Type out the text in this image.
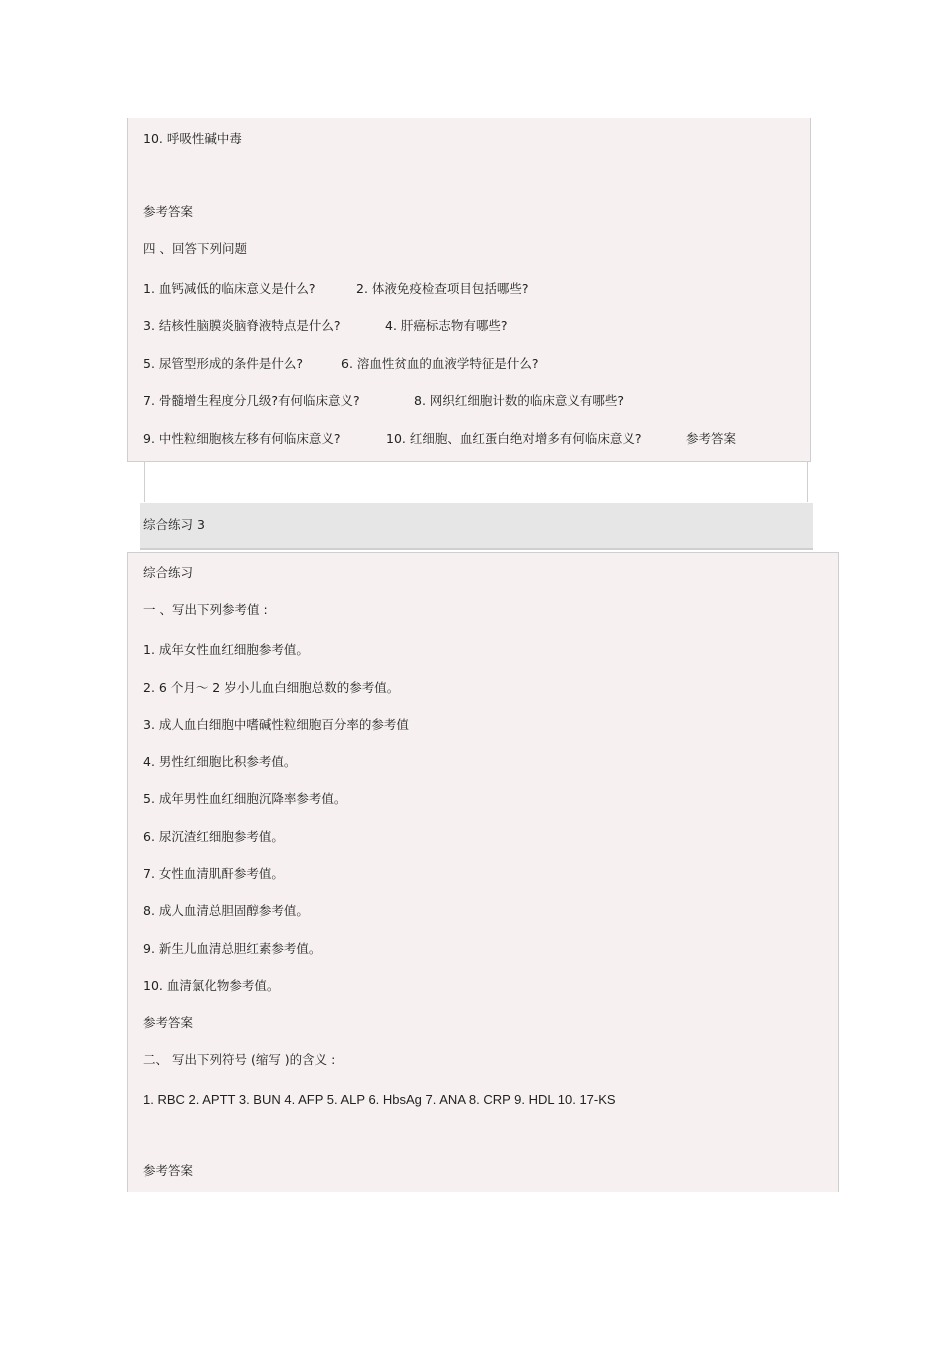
10. 呼吸性碱中毒
参考答案
四 、回答下列问题
1. 血钙减低的临床意义是什么?	2. 体液免疫检查项目包括哪些?
3. 结核性脑膜炎脑脊液特点是什么?	4. 肝癌标志物有哪些?
5. 尿管型形成的条件是什么?	6. 溶血性贫血的血液学特征是什么?
7. 骨髓增生程度分几级?有何临床意义?	8. 网织红细胞计数的临床意义有哪些?
9. 中性粒细胞核左移有何临床意义?	10. 红细胞、血红蛋白绝对增多有何临床意义?	参考答案
综合练习 3
综合练习
一 、写出下列参考值 :
1. 成年女性血红细胞参考值。
2. 6 个月～ 2 岁小儿血白细胞总数的参考值。
3. 成人血白细胞中嗜碱性粒细胞百分率的参考值
4. 男性红细胞比积参考值。
5. 成年男性血红细胞沉降率参考值。
6. 尿沉渣红细胞参考值。
7. 女性血清肌酐参考值。
8. 成人血清总胆固醇参考值。
9. 新生儿血清总胆红素参考值。
10. 血清氯化物参考值。
参考答案
二、 写出下列符号 (缩写 )的含义 :
1. RBC 2. APTT 3. BUN 4. AFP 5. ALP 6. HbsAg 7. ANA 8. CRP 9. HDL 10. 17-KS
参考答案
